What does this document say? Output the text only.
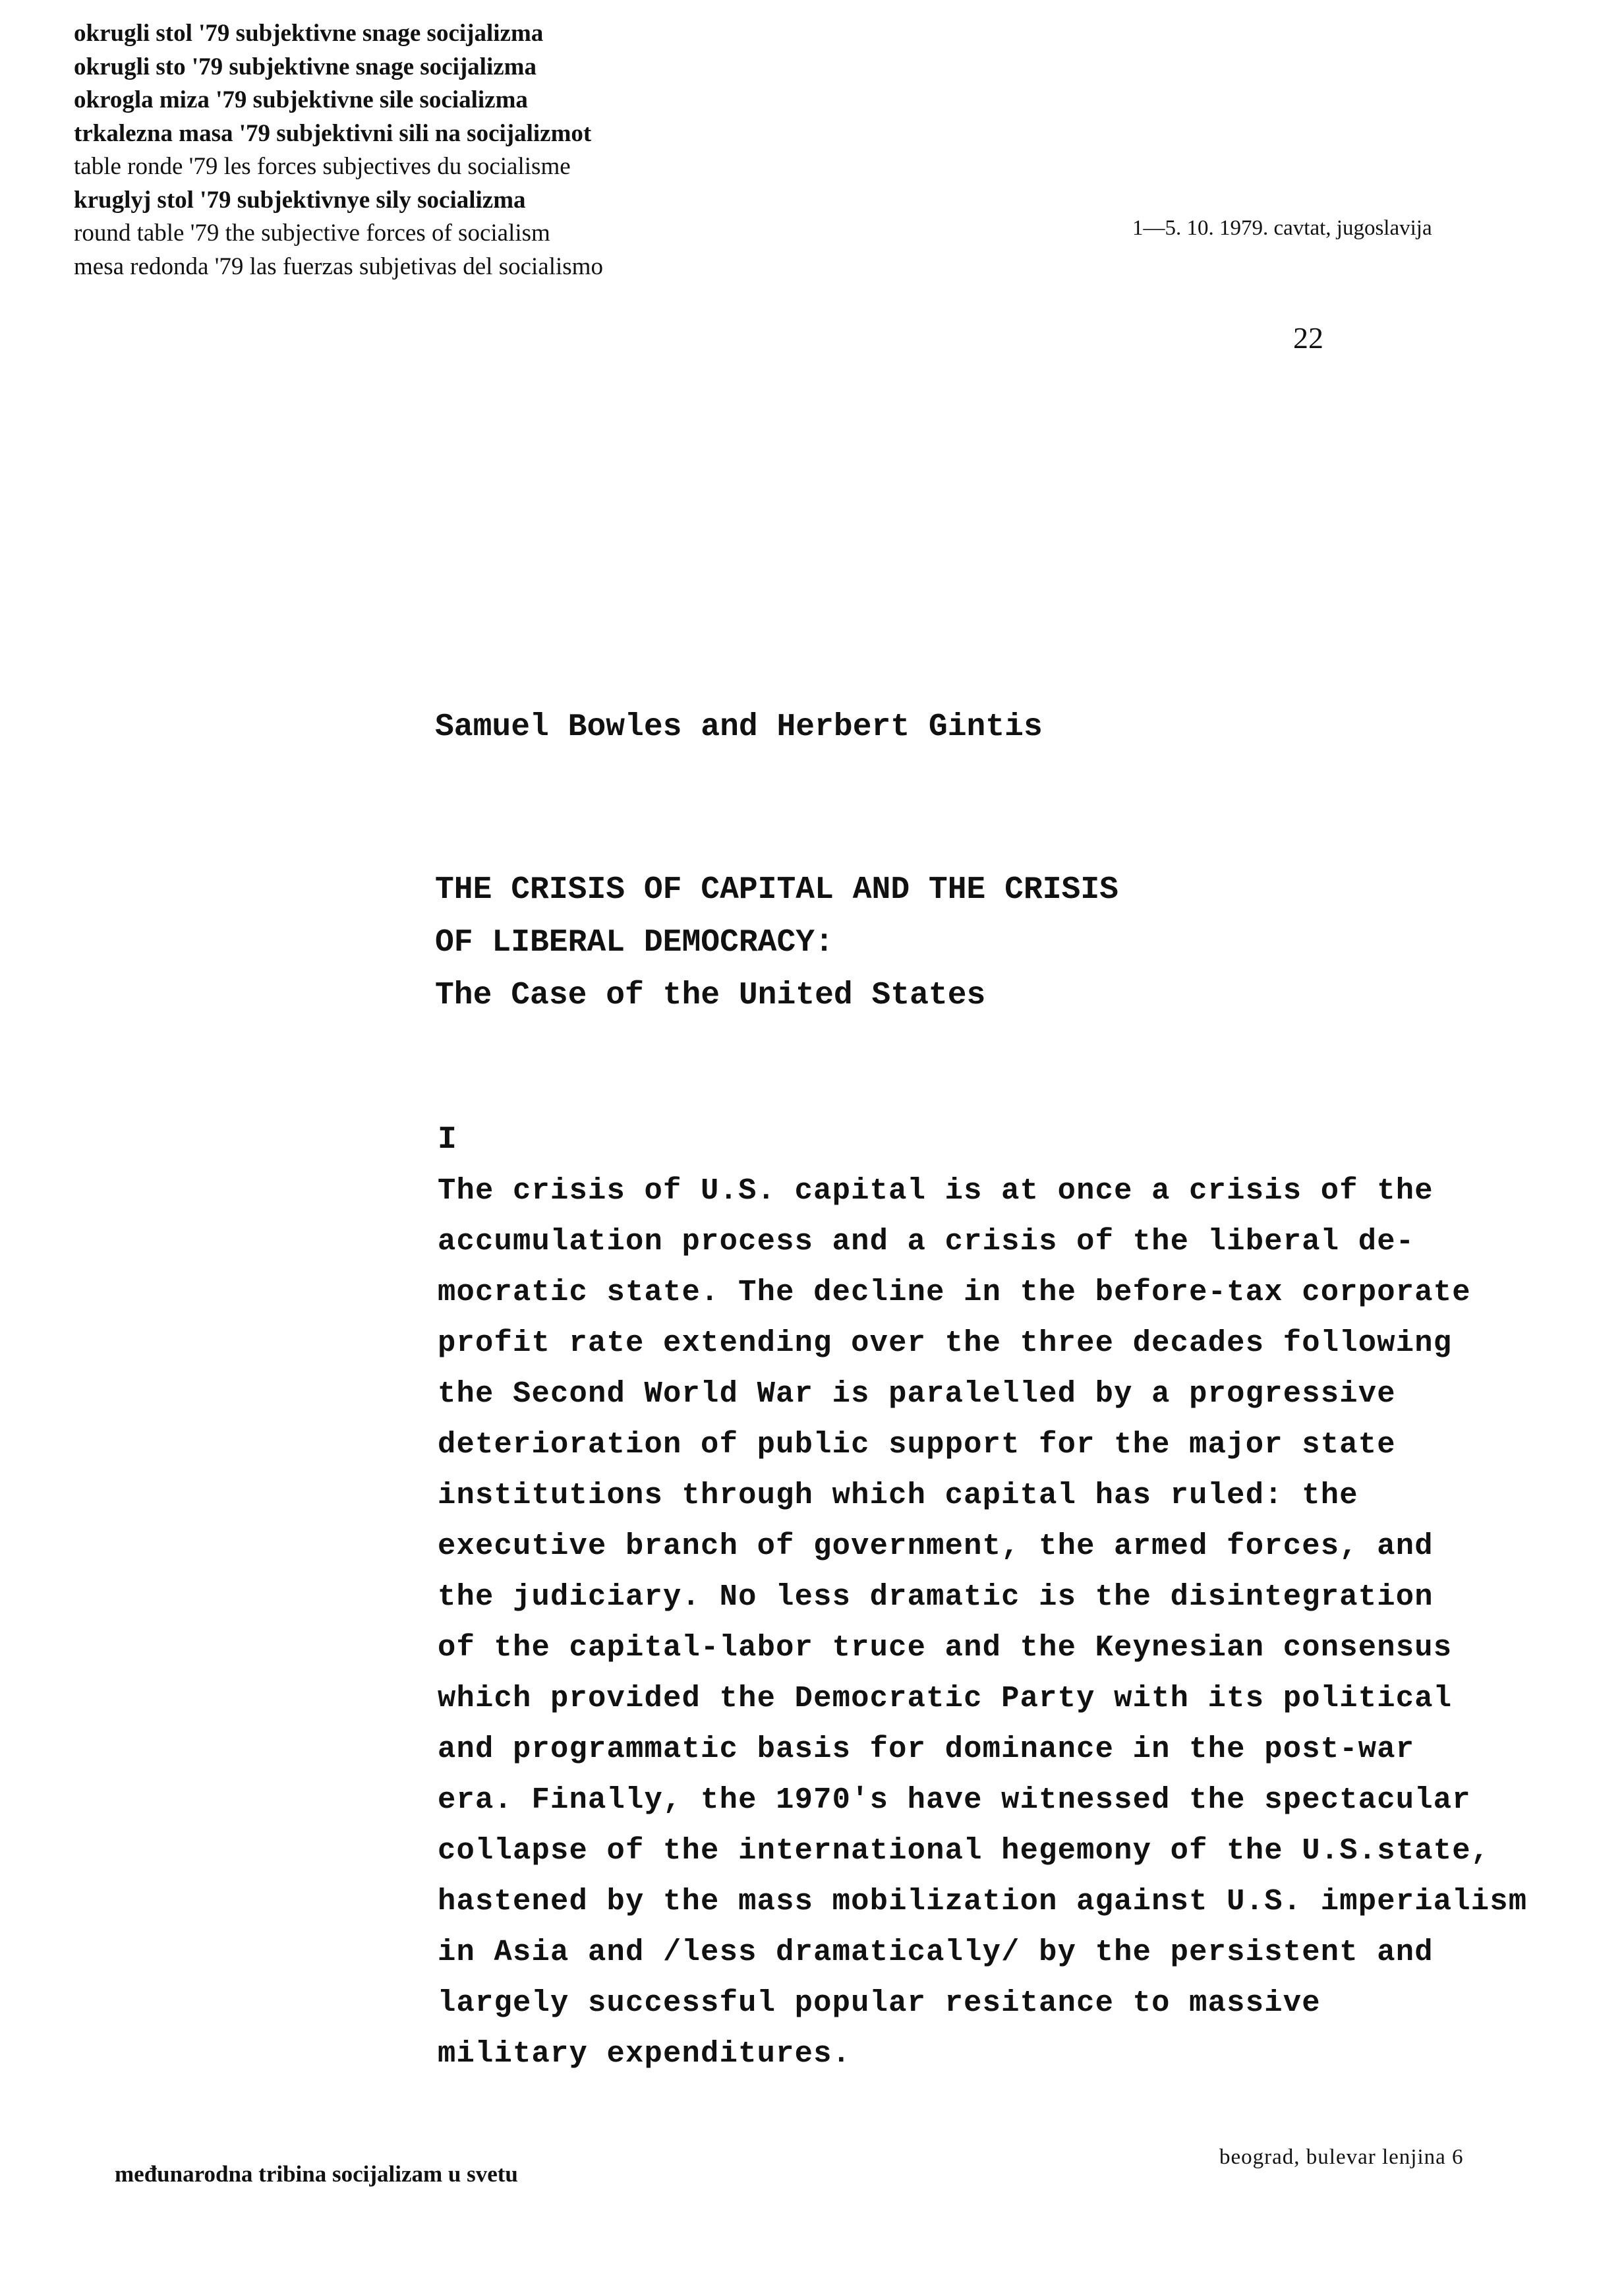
okrugli stol '79 subjektivne snage socijalizma
okrugli sto '79 subjektivne snage socijalizma
okrogla miza '79 subjektivne sile socializma
trkalezna masa '79 subjektivni sili na socijalizmot
table ronde '79 les forces subjectives du socialisme
kruglyj stol '79 subjektivnye sily socializma
round table '79 the subjective forces of socialism
mesa redonda '79 las fuerzas subjetivas del socialismo
1—5. 10. 1979. cavtat, jugoslavija
22
Samuel Bowles and Herbert Gintis
THE CRISIS OF CAPITAL AND THE CRISIS
OF LIBERAL DEMOCRACY:
The Case of the United States
I
The crisis of U.S. capital is at once a crisis of the
accumulation process and a crisis of the liberal de-
mocratic state. The decline in the before-tax corporate
profit rate extending over the three decades following
the Second World War is paralelled by a progressive
deterioration of public support for the major state
institutions through which capital has ruled: the
executive branch of government, the armed forces, and
the judiciary. No less dramatic is the disintegration
of the capital-labor truce and the Keynesian consensus
which provided the Democratic Party with its political
and programmatic basis for dominance in the post-war
era. Finally, the 1970's have witnessed the spectacular
collapse of the international hegemony of the U.S.state,
hastened by the mass mobilization against U.S. imperialism
in Asia and /less dramatically/ by the persistent and
largely successful popular resitance to massive
military expenditures.
međunarodna tribina socijalizam u svetu
beograd, bulevar lenjina 6
